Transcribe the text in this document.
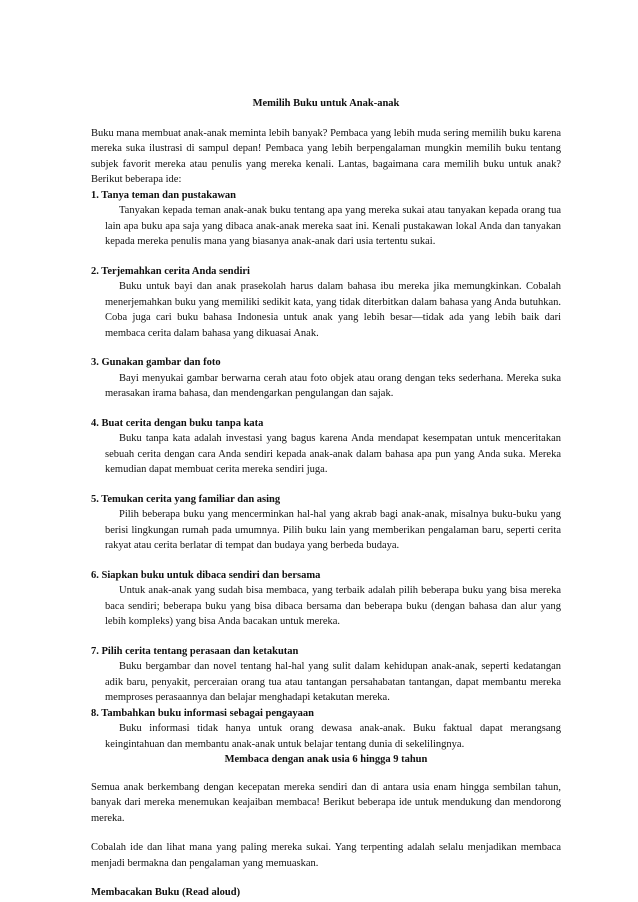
Memilih Buku untuk Anak-anak

Buku mana membuat anak-anak meminta lebih banyak? Pembaca yang lebih muda sering memilih buku karena mereka suka ilustrasi di sampul depan! Pembaca yang lebih berpengalaman mungkin memilih buku tentang subjek favorit mereka atau penulis yang mereka kenali. Lantas, bagaimana cara memilih buku untuk anak? Berikut beberapa ide:

1. Tanya teman dan pustakawan

Tanyakan kepada teman anak-anak buku tentang apa yang mereka sukai atau tanyakan kepada orang tua lain apa buku apa saja yang dibaca anak-anak mereka saat ini. Kenali pustakawan lokal Anda dan tanyakan kepada mereka penulis mana yang biasanya anak-anak dari usia tertentu sukai.

2. Terjemahkan cerita Anda sendiri

Buku untuk bayi dan anak prasekolah harus dalam bahasa ibu mereka jika memungkinkan. Cobalah menerjemahkan buku yang memiliki sedikit kata, yang tidak diterbitkan dalam bahasa yang Anda butuhkan. Coba juga cari buku bahasa Indonesia untuk anak yang lebih besar—tidak ada yang lebih baik dari membaca cerita dalam bahasa yang dikuasai Anak.

3. Gunakan gambar dan foto

Bayi menyukai gambar berwarna cerah atau foto objek atau orang dengan teks sederhana. Mereka suka merasakan irama bahasa, dan mendengarkan pengulangan dan sajak.

4. Buat cerita dengan buku tanpa kata

Buku tanpa kata adalah investasi yang bagus karena Anda mendapat kesempatan untuk menceritakan sebuah cerita dengan cara Anda sendiri kepada anak-anak dalam bahasa apa pun yang Anda suka. Mereka kemudian dapat membuat cerita mereka sendiri juga.

5. Temukan cerita yang familiar dan asing

Pilih beberapa buku yang mencerminkan hal-hal yang akrab bagi anak-anak, misalnya buku-buku yang berisi lingkungan rumah pada umumnya. Pilih buku lain yang memberikan pengalaman baru, seperti cerita rakyat atau cerita berlatar di tempat dan budaya yang berbeda budaya.

6. Siapkan buku untuk dibaca sendiri dan bersama

Untuk anak-anak yang sudah bisa membaca, yang terbaik adalah pilih beberapa buku yang bisa mereka baca sendiri; beberapa buku yang bisa dibaca bersama dan beberapa buku (dengan bahasa dan alur yang lebih kompleks) yang bisa Anda bacakan untuk mereka.

7. Pilih cerita tentang perasaan dan ketakutan

Buku bergambar dan novel tentang hal-hal yang sulit dalam kehidupan anak-anak, seperti kedatangan adik baru, penyakit, perceraian orang tua atau tantangan persahabatan tantangan, dapat membantu mereka memproses perasaannya dan belajar menghadapi ketakutan mereka.

8. Tambahkan buku informasi sebagai pengayaan

Buku informasi tidak hanya untuk orang dewasa anak-anak. Buku faktual dapat merangsang keingintahuan dan membantu anak-anak untuk belajar tentang dunia di sekelilingnya.

Membaca dengan anak usia 6 hingga 9 tahun

Semua anak berkembang dengan kecepatan mereka sendiri dan di antara usia enam hingga sembilan tahun, banyak dari mereka menemukan keajaiban membaca! Berikut beberapa ide untuk mendukung dan mendorong mereka.

Cobalah ide dan lihat mana yang paling mereka sukai. Yang terpenting adalah selalu menjadikan membaca menjadi bermakna dan pengalaman yang memuaskan.

Membacakan Buku (Read aloud)
